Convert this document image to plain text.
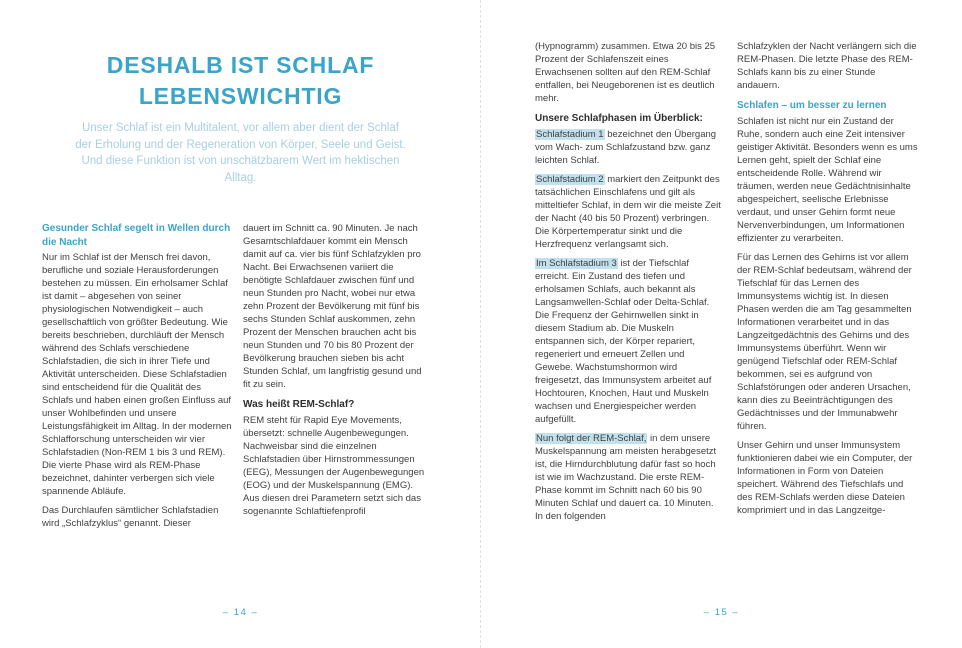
DESHALB IST SCHLAF
LEBENSWICHTIG

Unser Schlaf ist ein Multitalent, vor allem aber dient der Schlaf der Erholung und der Regeneration von Körper, Seele und Geist. Und diese Funktion ist von unschätzbarem Wert im hektischen Alltag.

Gesunder Schlaf segelt in Wellen durch die Nacht

Nur im Schlaf ist der Mensch frei davon, berufliche und soziale Herausforderungen bestehen zu müssen. Ein erholsamer Schlaf ist damit – abgesehen von seiner physiologischen Notwendigkeit – auch gesellschaftlich von größter Bedeutung. Wie bereits beschrieben, durchläuft der Mensch während des Schlafs verschiedene Schlafstadien, die sich in ihrer Tiefe und Aktivität unterscheiden. Diese Schlafstadien sind entscheidend für die Qualität des Schlafs und haben einen großen Einfluss auf unser Wohlbefinden und unsere Leistungsfähigkeit im Alltag. In der modernen Schlafforschung unterscheiden wir vier Schlafstadien (Non-REM 1 bis 3 und REM). Die vierte Phase wird als REM-Phase bezeichnet, dahinter verbergen sich viele spannende Abläufe.

Das Durchlaufen sämtlicher Schlafstadien wird „Schlafzyklus“ genannt. Dieser

dauert im Schnitt ca. 90 Minuten. Je nach Gesamtschlafdauer kommt ein Mensch damit auf ca. vier bis fünf Schlafzyklen pro Nacht. Bei Erwachsenen variiert die benötigte Schlafdauer zwischen fünf und neun Stunden pro Nacht, wobei nur etwa zehn Prozent der Bevölkerung mit fünf bis sechs Stunden Schlaf auskommen, zehn Prozent der Menschen brauchen acht bis neun Stunden und 70 bis 80 Prozent der Bevölkerung brauchen sieben bis acht Stunden Schlaf, um langfristig gesund und fit zu sein.

Was heißt REM-Schlaf?

REM steht für Rapid Eye Movements, übersetzt: schnelle Augenbewegungen. Nachweisbar sind die einzelnen Schlafstadien über Hirnstrommessungen (EEG), Messungen der Augenbewegungen (EOG) und der Muskelspannung (EMG). Aus diesen drei Parametern setzt sich das sogenannte Schlaftiefenprofil

– 14 –

(Hypnogramm) zusammen. Etwa 20 bis 25 Prozent der Schlafenszeit eines Erwachsenen sollten auf den REM-Schlaf entfallen, bei Neugeborenen ist es deutlich mehr.

Unsere Schlafphasen im Überblick:

Schlafstadium 1 bezeichnet den Übergang vom Wach- zum Schlafzustand bzw. ganz leichten Schlaf.

Schlafstadium 2 markiert den Zeitpunkt des tatsächlichen Einschlafens und gilt als mitteltiefer Schlaf, in dem wir die meiste Zeit der Nacht (40 bis 50 Prozent) verbringen. Die Körpertemperatur sinkt und die Herzfrequenz verlangsamt sich.

Im Schlafstadium 3 ist der Tiefschlaf erreicht. Ein Zustand des tiefen und erholsamen Schlafs, auch bekannt als Langsamwellen-Schlaf oder Delta-Schlaf. Die Frequenz der Gehirnwellen sinkt in diesem Stadium ab. Die Muskeln entspannen sich, der Körper repariert, regeneriert und erneuert Zellen und Gewebe. Wachstumshormon wird freigesetzt, das Immunsystem arbeitet auf Hochtouren, Knochen, Haut und Muskeln wachsen und Energiespeicher werden aufgefüllt.

Nun folgt der REM-Schlaf, in dem unsere Muskelspannung am meisten herabgesetzt ist, die Hirndurchblutung dafür fast so hoch ist wie im Wachzustand. Die erste REM-Phase kommt im Schnitt nach 60 bis 90 Minuten Schlaf und dauert ca. 10 Minuten. In den folgenden

Schlafzyklen der Nacht verlängern sich die REM-Phasen. Die letzte Phase des REM-Schlafs kann bis zu einer Stunde andauern.

Schlafen – um besser zu lernen

Schlafen ist nicht nur ein Zustand der Ruhe, sondern auch eine Zeit intensiver geistiger Aktivität. Besonders wenn es ums Lernen geht, spielt der Schlaf eine entscheidende Rolle. Während wir träumen, werden neue Gedächtnisinhalte abgespeichert, seelische Erlebnisse verdaut, und unser Gehirn formt neue Nervenverbindungen, um Informationen effizienter zu verarbeiten.

Für das Lernen des Gehirns ist vor allem der REM-Schlaf bedeutsam, während der Tiefschlaf für das Lernen des Immunsystems wichtig ist. In diesen Phasen werden die am Tag gesammelten Informationen verarbeitet und in das Langzeitgedächtnis des Gehirns und des Immunsystems überführt. Wenn wir genügend Tiefschlaf oder REM-Schlaf bekommen, sei es aufgrund von Schlafstörungen oder anderen Ursachen, kann dies zu Beeinträchtigungen des Gedächtnisses und der Immunabwehr führen.

Unser Gehirn und unser Immunsystem funktionieren dabei wie ein Computer, der Informationen in Form von Dateien speichert. Während des Tiefschlafs und des REM-Schlafs werden diese Dateien komprimiert und in das Langzeitge-

– 15 –
